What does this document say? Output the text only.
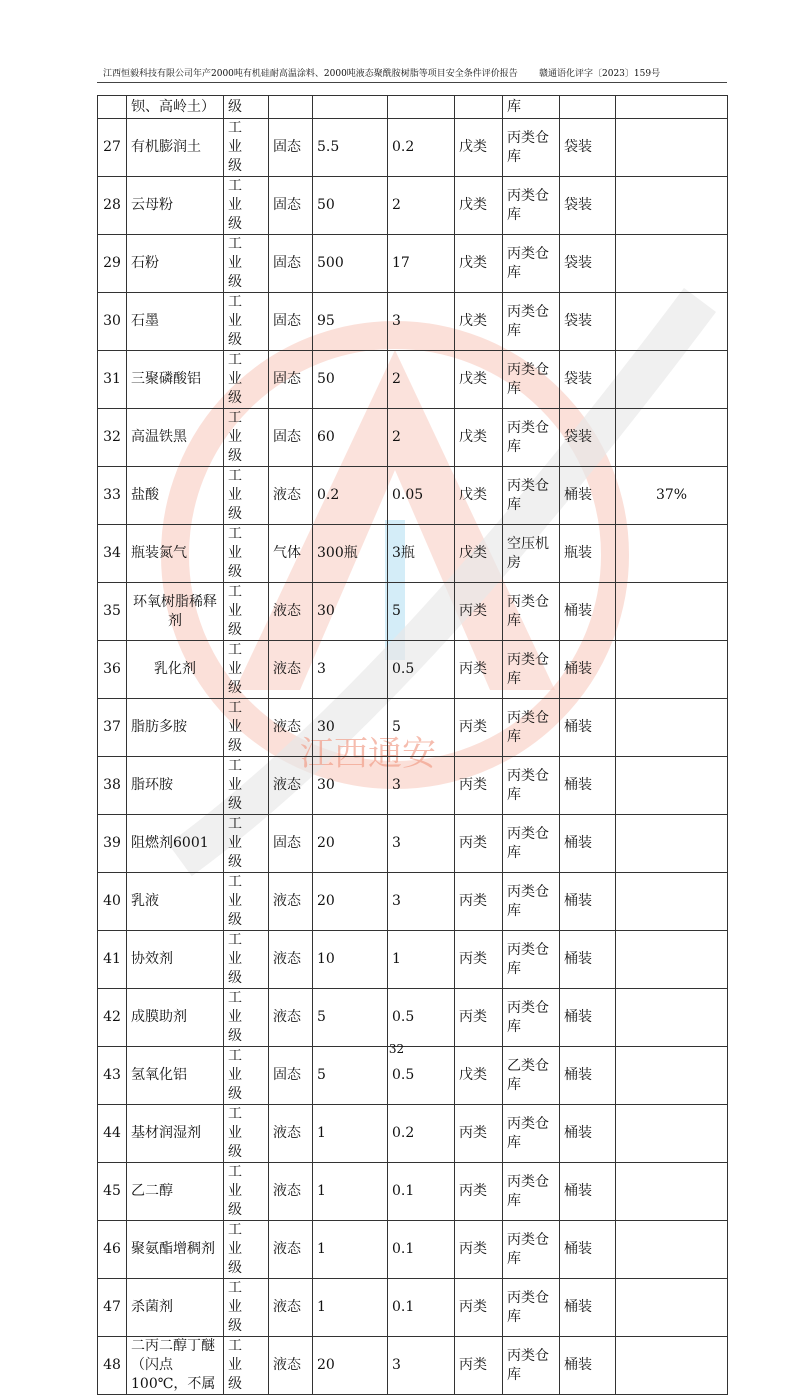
江西通安
江西恒毅科技有限公司年产2000吨有机硅耐高温涂料、2000吨液态聚酰胺树脂等项目安全条件评价报告 赣通语化评字〔2023〕159号
	钡、高岭土）	级					库		
27	有机膨润土	工业级	固态	5.5	0.2	戊类	丙类仓库	袋装	
28	云母粉	工业级	固态	50	2	戊类	丙类仓库	袋装	
29	石粉	工业级	固态	500	17	戊类	丙类仓库	袋装	
30	石墨	工业级	固态	95	3	戊类	丙类仓库	袋装	
31	三聚磷酸铝	工业级	固态	50	2	戊类	丙类仓库	袋装	
32	高温铁黑	工业级	固态	60	2	戊类	丙类仓库	袋装	
33	盐酸	工业级	液态	0.2	0.05	戊类	丙类仓库	桶装	37%
34	瓶装氮气	工业级	气体	300瓶	3瓶	戊类	空压机房	瓶装	
35	环氧树脂稀释剂	工业级	液态	30	5	丙类	丙类仓库	桶装	
36	乳化剂	工业级	液态	3	0.5	丙类	丙类仓库	桶装	
37	脂肪多胺	工业级	液态	30	5	丙类	丙类仓库	桶装	
38	脂环胺	工业级	液态	30	3	丙类	丙类仓库	桶装	
39	阻燃剂6001	工业级	固态	20	3	丙类	丙类仓库	桶装	
40	乳液	工业级	液态	20	3	丙类	丙类仓库	桶装	
41	协效剂	工业级	液态	10	1	丙类	丙类仓库	桶装	
42	成膜助剂	工业级	液态	5	0.5	丙类	丙类仓库	桶装	
43	氢氧化铝	工业级	固态	5	0.5	戊类	乙类仓库	桶装	
44	基材润湿剂	工业级	液态	1	0.2	丙类	丙类仓库	桶装	
45	乙二醇	工业级	液态	1	0.1	丙类	丙类仓库	桶装	
46	聚氨酯增稠剂	工业级	液态	1	0.1	丙类	丙类仓库	桶装	
47	杀菌剂	工业级	液态	1	0.1	丙类	丙类仓库	桶装	
48	二丙二醇丁醚（闪点100℃，不属	工业级	液态	20	3	丙类	丙类仓库	桶装	
32
